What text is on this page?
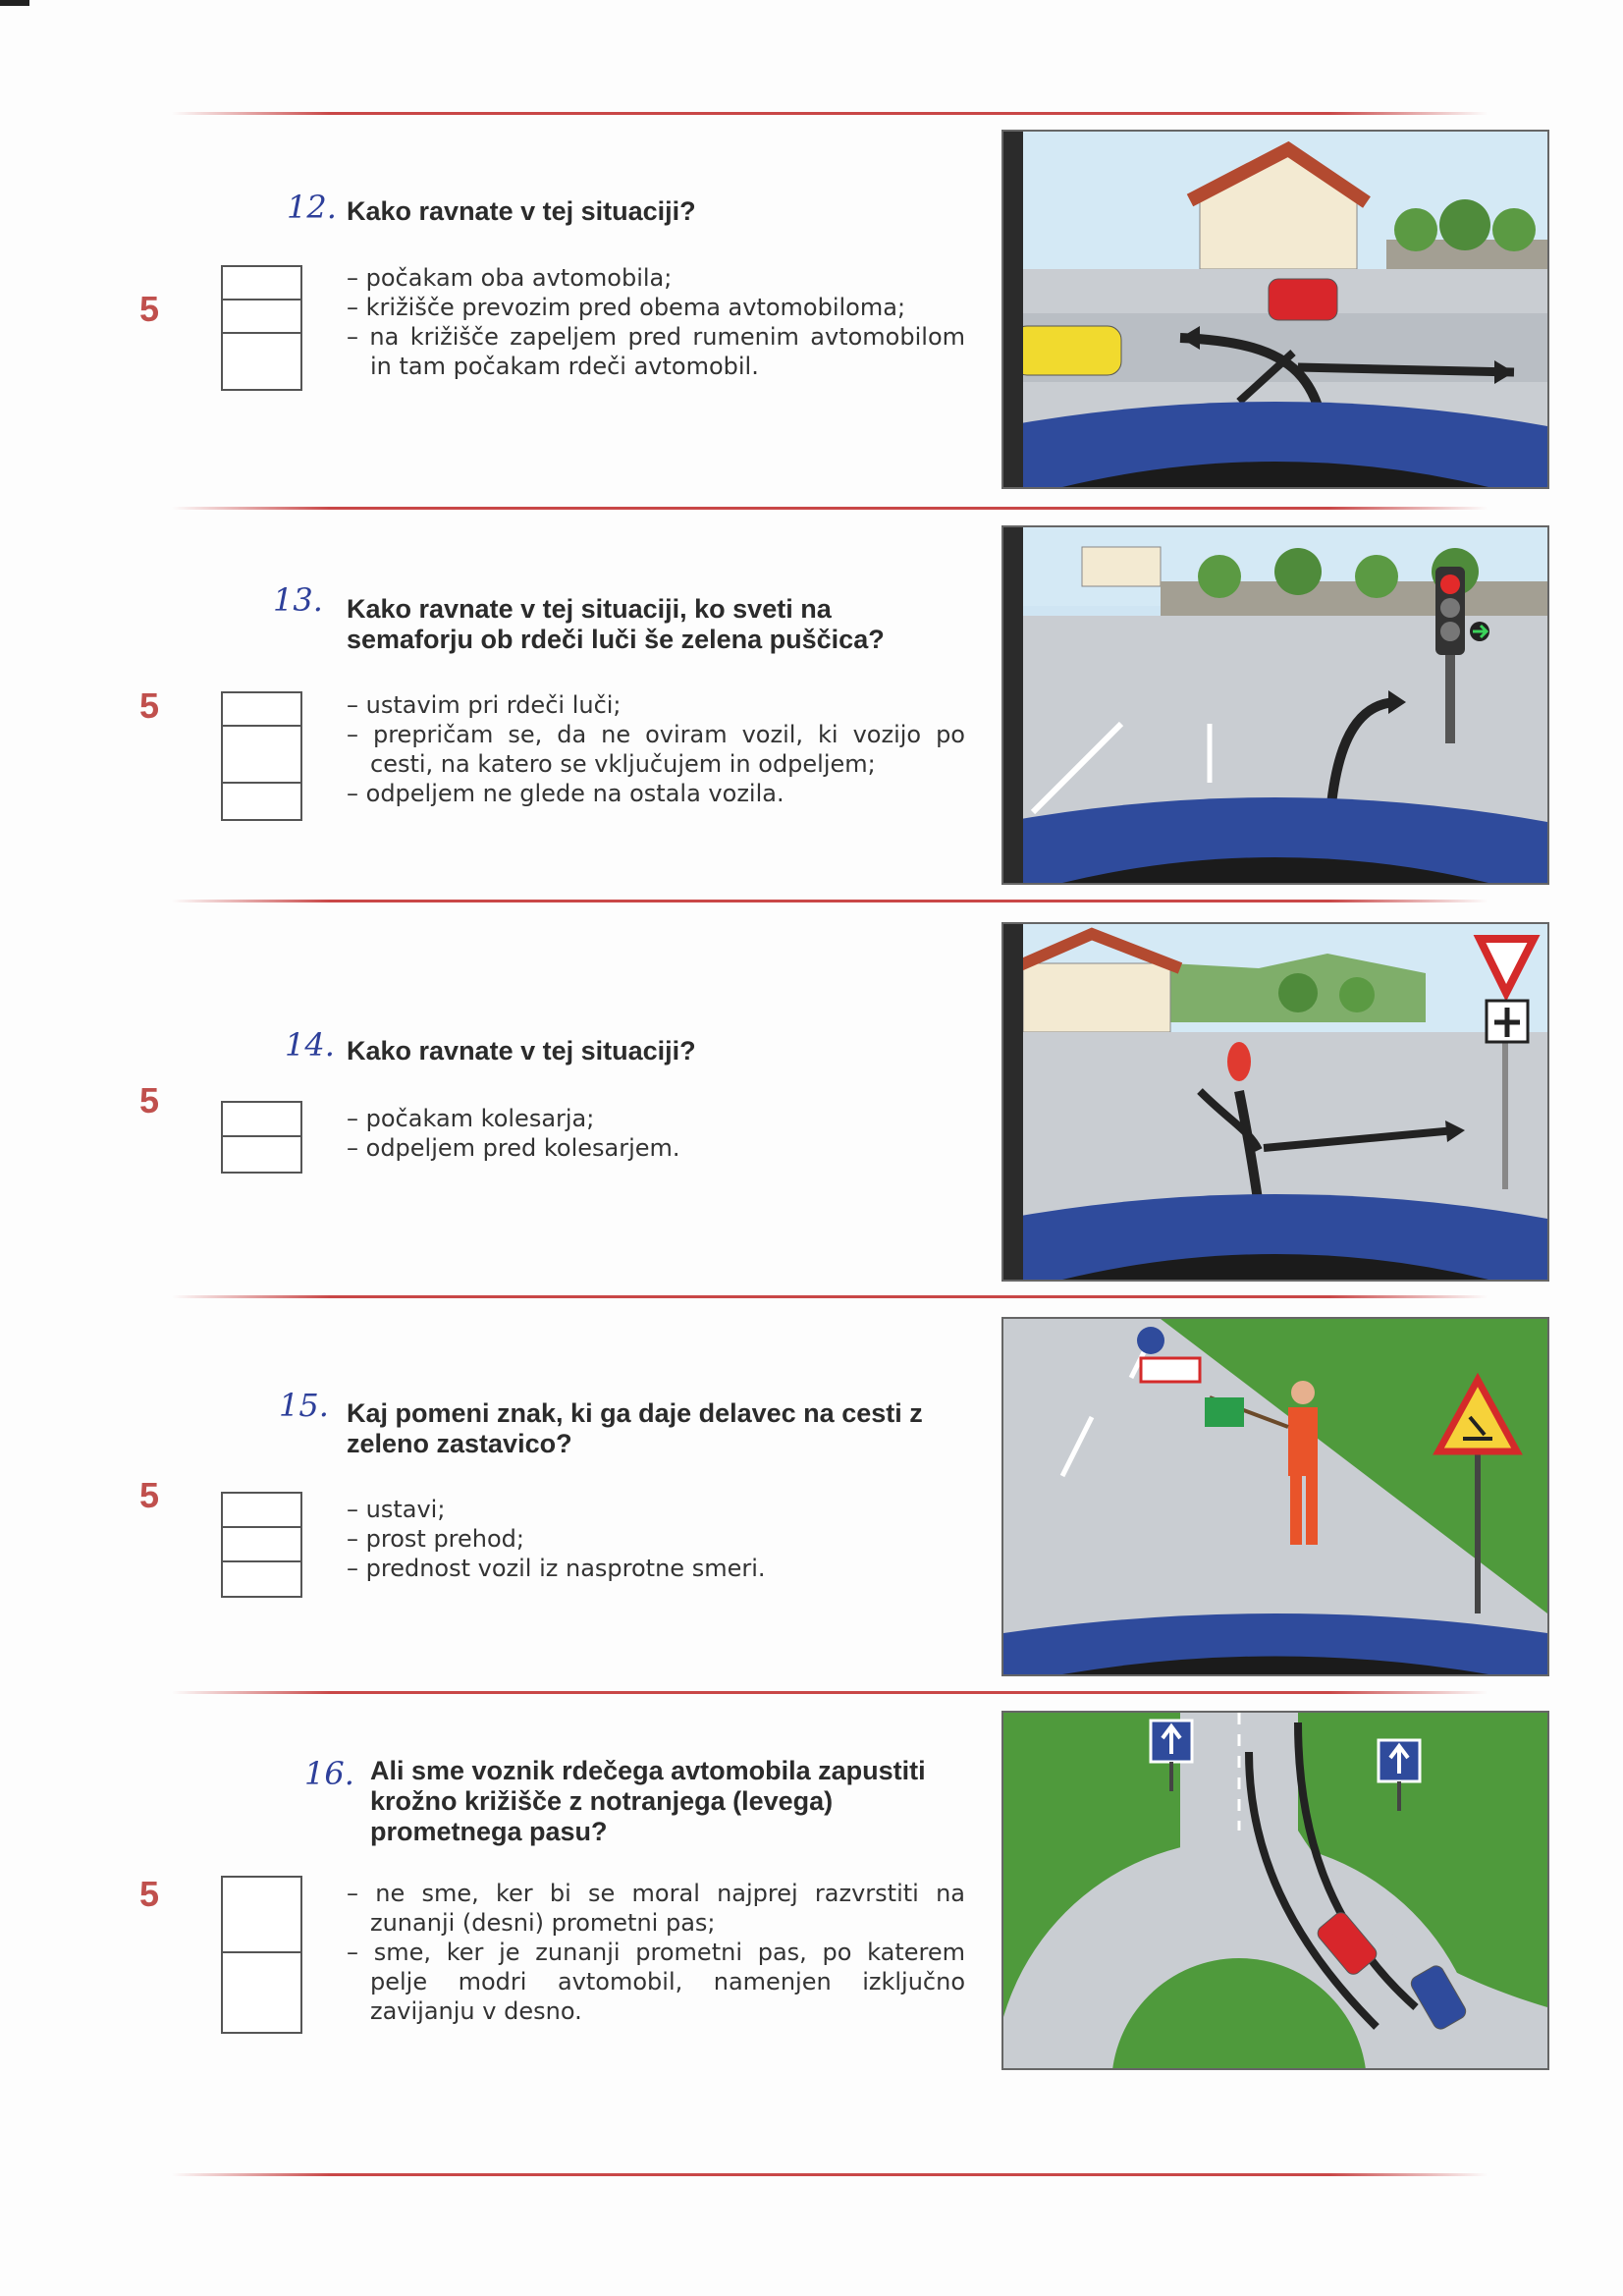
5
12. Kako ravnate v tej situaciji?
– počakam oba avtomobila;
– križišče prevozim pred obema avtomobiloma;
– na križišče zapeljem pred rumenim avtomobilom in tam počakam rdeči avtomobil.
5
13. Kako ravnate v tej situaciji, ko sveti na semaforju ob rdeči luči še zelena puščica?
– ustavim pri rdeči luči;
– prepričam se, da ne oviram vozil, ki vozijo po cesti, na katero se vključujem in odpeljem;
– odpeljem ne glede na ostala vozila.
5
14. Kako ravnate v tej situaciji?
– počakam kolesarja;
– odpeljem pred kolesarjem.
5
15. Kaj pomeni znak, ki ga daje delavec na cesti z zeleno zastavico?
– ustavi;
– prost prehod;
– prednost vozil iz nasprotne smeri.
5
16. Ali sme voznik rdečega avtomobila zapustiti krožno križišče z notranjega (levega) prometnega pasu?
– ne sme, ker bi se moral najprej razvrstiti na zunanji (desni) prometni pas;
– sme, ker je zunanji prometni pas, po katerem pelje modri avtomobil, namenjen izključno zavijanju v desno.
